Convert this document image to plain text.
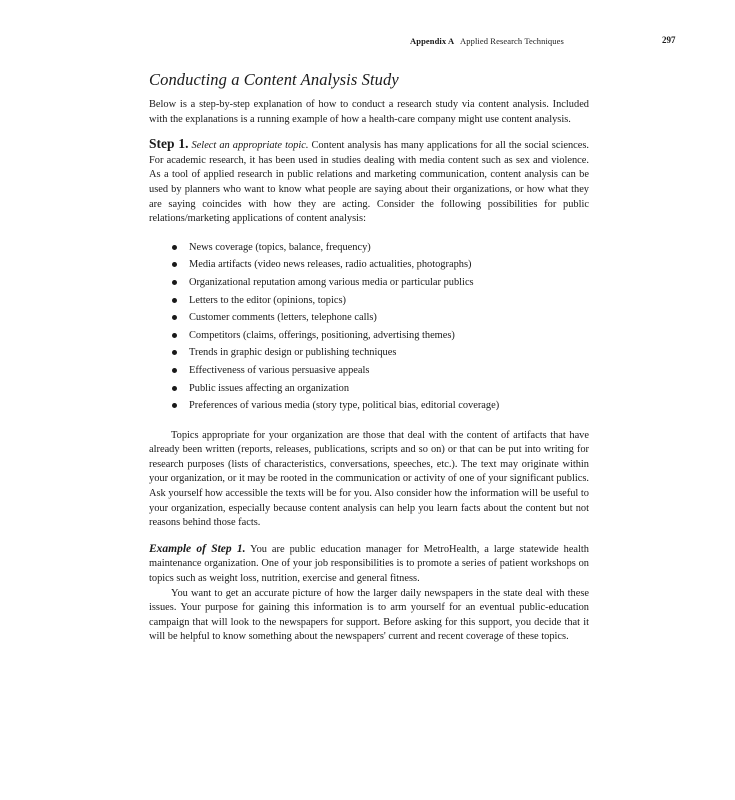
Appendix A Applied Research Techniques	297
Conducting a Content Analysis Study

Below is a step-by-step explanation of how to conduct a research study via content analysis. Included with the explanations is a running example of how a health-care company might use content analysis.

Step 1. Select an appropriate topic. Content analysis has many applications for all the social sciences. For academic research, it has been used in studies dealing with media content such as sex and violence. As a tool of applied research in public relations and marketing communication, content analysis can be used by planners who want to know what people are saying about their organizations, or how what they are saying coincides with how they are acting. Consider the following possibilities for public relations/marketing applications of content analysis:

News coverage (topics, balance, frequency)
Media artifacts (video news releases, radio actualities, photographs)
Organizational reputation among various media or particular publics
Letters to the editor (opinions, topics)
Customer comments (letters, telephone calls)
Competitors (claims, offerings, positioning, advertising themes)
Trends in graphic design or publishing techniques
Effectiveness of various persuasive appeals
Public issues affecting an organization
Preferences of various media (story type, political bias, editorial coverage)

Topics appropriate for your organization are those that deal with the content of artifacts that have already been written (reports, releases, publications, scripts and so on) or that can be put into writing for research purposes (lists of characteristics, conversations, speeches, etc.). The text may originate within your organization, or it may be rooted in the communication or activity of one of your significant publics. Ask yourself how accessible the texts will be for you. Also consider how the information will be useful to your organization, especially because content analysis can help you learn facts about the content but not reasons behind those facts.

Example of Step 1. You are public education manager for MetroHealth, a large statewide health maintenance organization. One of your job responsibilities is to promote a series of patient workshops on topics such as weight loss, nutrition, exercise and general fitness.

You want to get an accurate picture of how the larger daily newspapers in the state deal with these issues. Your purpose for gaining this information is to arm yourself for an eventual public-education campaign that will look to the newspapers for support. Before asking for this support, you decide that it will be helpful to know something about the newspapers' current and recent coverage of these topics.
